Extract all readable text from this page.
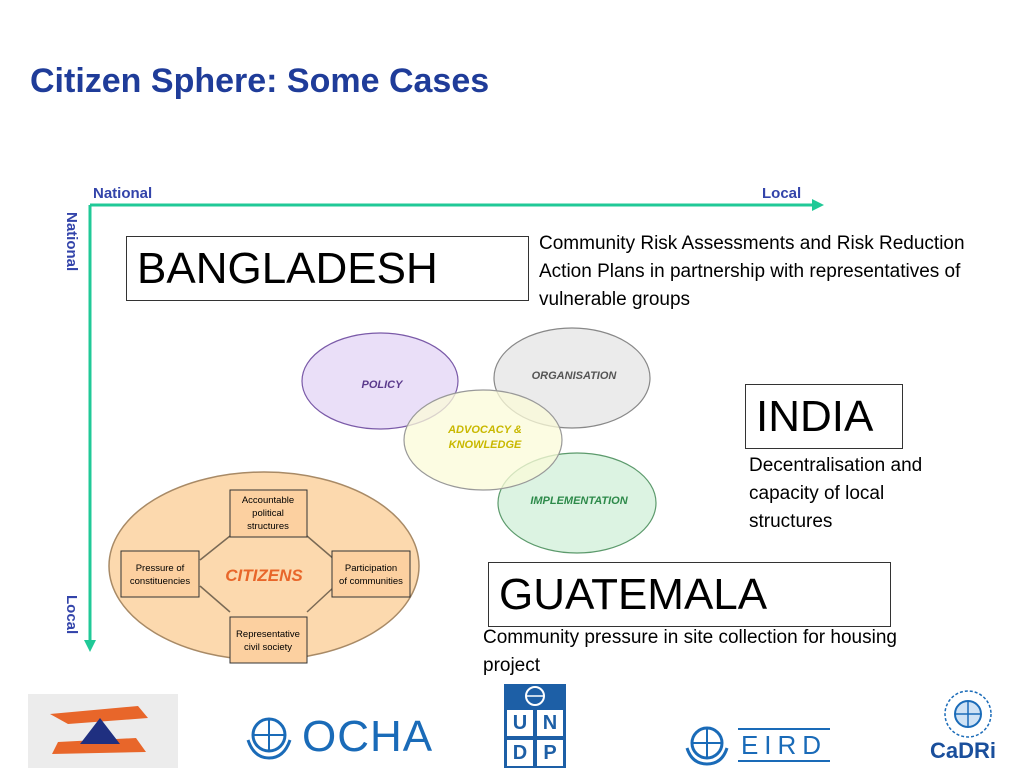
Citizen Sphere: Some Cases
National	Local
National
Local
BANGLADESH	Community Risk Assessments and Risk Reduction Action Plans in partnership with representatives of vulnerable groups
INDIA
Decentralisation and capacity of local structures
GUATEMALA
Community pressure in site collection for housing project
Accountable
political
structures
Pressure of
constituencies
Participation
of communities
Representative
civil society
CITIZENS
POLICY
ORGANISATION
ADVOCACY &
KNOWLEDGE
IMPLEMENTATION
OCHA	U N
D P	EIRD	CaDRi
